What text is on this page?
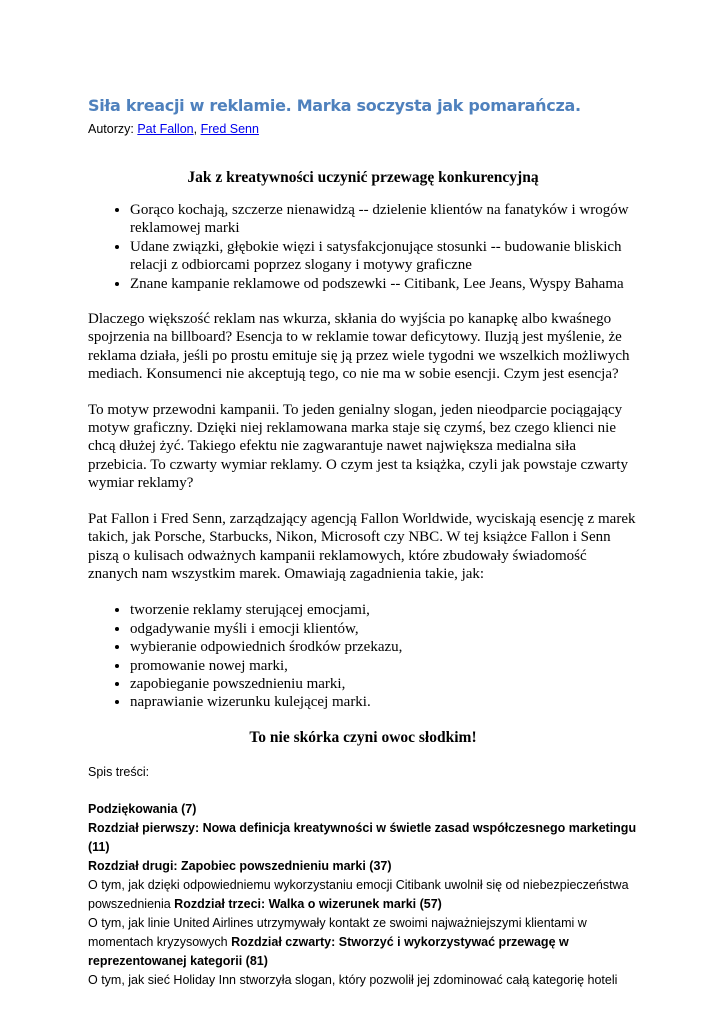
Siła kreacji w reklamie. Marka soczysta jak pomarańcza.

Autorzy: Pat Fallon, Fred Senn

Jak z kreatywności uczynić przewagę konkurencyjną
• Gorąco kochają, szczerze nienawidzą -- dzielenie klientów na fanatyków i wrogów reklamowej marki
• Udane związki, głębokie więzi i satysfakcjonujące stosunki -- budowanie bliskich relacji z odbiorcami poprzez slogany i motywy graficzne
• Znane kampanie reklamowe od podszewki -- Citibank, Lee Jeans, Wyspy Bahama

Dlaczego większość reklam nas wkurza, skłania do wyjścia po kanapkę albo kwaśnego spojrzenia na billboard? Esencja to w reklamie towar deficytowy. Iluzją jest myślenie, że reklama działa, jeśli po prostu emituje się ją przez wiele tygodni we wszelkich możliwych mediach. Konsumenci nie akceptują tego, co nie ma w sobie esencji. Czym jest esencja?

To motyw przewodni kampanii. To jeden genialny slogan, jeden nieodparcie pociągający motyw graficzny. Dzięki niej reklamowana marka staje się czymś, bez czego klienci nie chcą dłużej żyć. Takiego efektu nie zagwarantuje nawet największa medialna siła przebicia. To czwarty wymiar reklamy. O czym jest ta książka, czyli jak powstaje czwarty wymiar reklamy?

Pat Fallon i Fred Senn, zarządzający agencją Fallon Worldwide, wyciskają esencję z marek takich, jak Porsche, Starbucks, Nikon, Microsoft czy NBC. W tej książce Fallon i Senn piszą o kulisach odważnych kampanii reklamowych, które zbudowały świadomość znanych nam wszystkim marek. Omawiają zagadnienia takie, jak:

• tworzenie reklamy sterującej emocjami,
• odgadywanie myśli i emocji klientów,
• wybieranie odpowiednich środków przekazu,
• promowanie nowej marki,
• zapobieganie powszednieniu marki,
• naprawianie wizerunku kulejącej marki.
To nie skórka czyni owoc słodkim!

Spis treści:

Podziękowania (7)

Rozdział pierwszy: Nowa definicja kreatywności w świetle zasad współczesnego marketingu (11)

Rozdział drugi: Zapobiec powszednieniu marki (37)

O tym, jak dzięki odpowiedniemu wykorzystaniu emocji Citibank uwolnił się od niebezpieczeństwa powszednienia Rozdział trzeci: Walka o wizerunek marki (57)

O tym, jak linie United Airlines utrzymywały kontakt ze swoimi najważniejszymi klientami w momentach kryzysowych Rozdział czwarty: Stworzyć i wykorzystywać przewagę w reprezentowanej kategorii (81)

O tym, jak sieć Holiday Inn stworzyła slogan, który pozwolił jej zdominować całą kategorię hoteli
